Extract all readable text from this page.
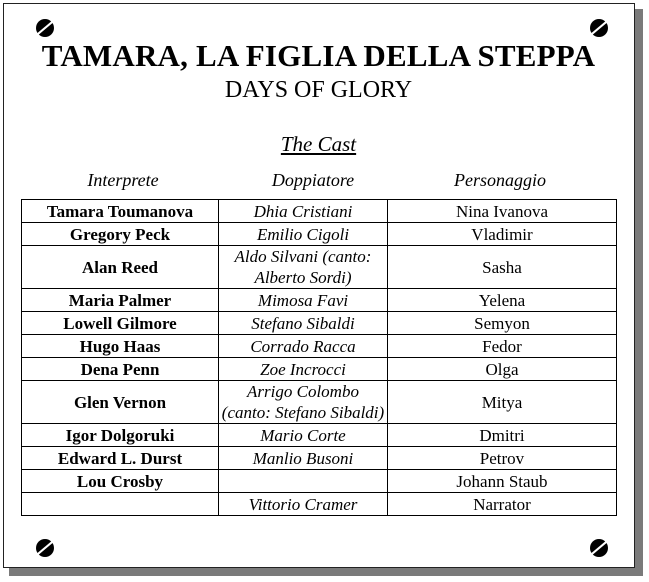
TAMARA, LA FIGLIA DELLA STEPPA
DAYS OF GLORY
The Cast
Interprete	Doppiatore	Personaggio
Tamara Toumanova	Dhia Cristiani	Nina Ivanova
Gregory Peck	Emilio Cigoli	Vladimir
Alan Reed	Aldo Silvani (canto: Alberto Sordi)	Sasha
Maria Palmer	Mimosa Favi	Yelena
Lowell Gilmore	Stefano Sibaldi	Semyon
Hugo Haas	Corrado Racca	Fedor
Dena Penn	Zoe Incrocci	Olga
Glen Vernon	Arrigo Colombo (canto: Stefano Sibaldi)	Mitya
Igor Dolgoruki	Mario Corte	Dmitri
Edward L. Durst	Manlio Busoni	Petrov
Lou Crosby		Johann Staub
	Vittorio Cramer	Narrator
